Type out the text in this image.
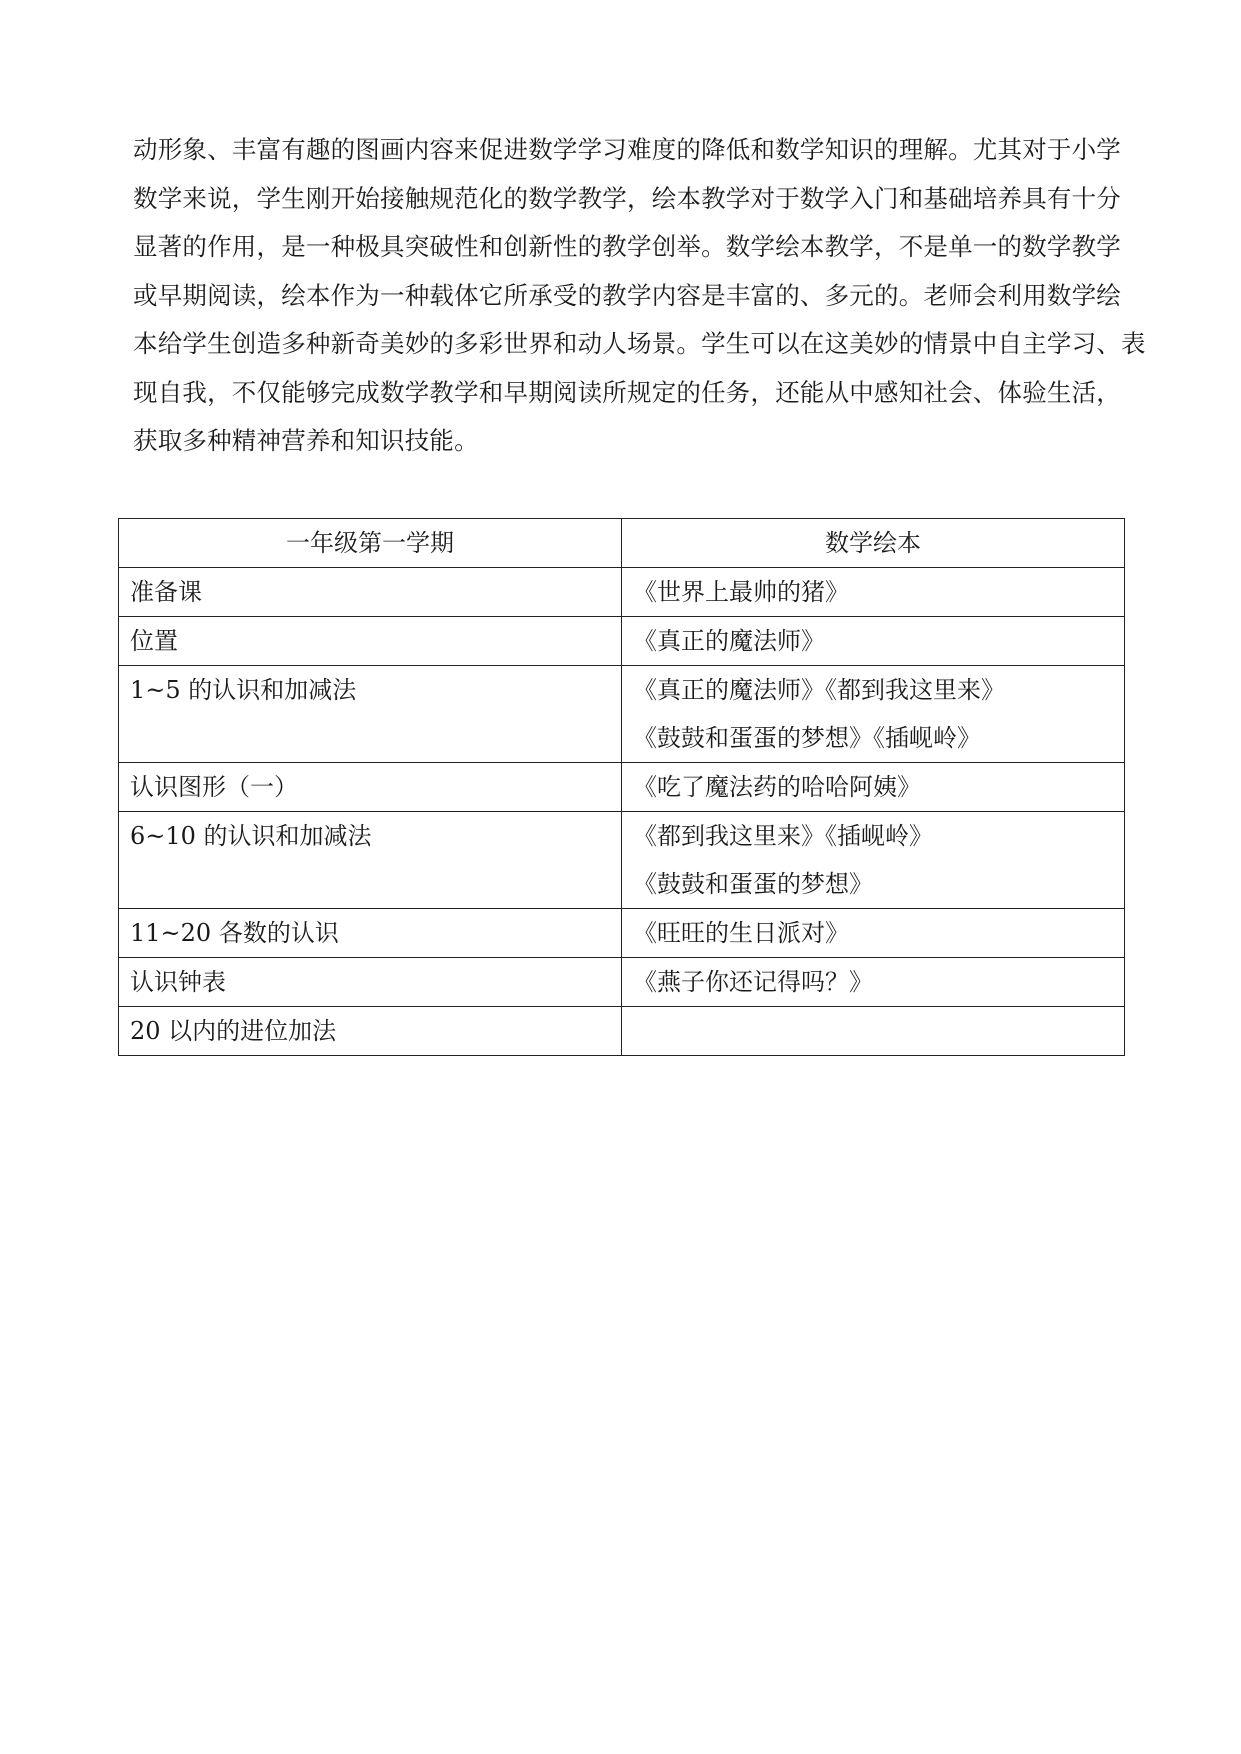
动形象、丰富有趣的图画内容来促进数学学习难度的降低和数学知识的理解。尤其对于小学
数学来说，学生刚开始接触规范化的数学教学，绘本教学对于数学入门和基础培养具有十分
显著的作用，是一种极具突破性和创新性的教学创举。数学绘本教学，不是单一的数学教学
或早期阅读，绘本作为一种载体它所承受的教学内容是丰富的、多元的。老师会利用数学绘
本给学生创造多种新奇美妙的多彩世界和动人场景。学生可以在这美妙的情景中自主学习、表
现自我，不仅能够完成数学教学和早期阅读所规定的任务，还能从中感知社会、体验生活，
获取多种精神营养和知识技能。

一年级第一学期	数学绘本
准备课	《世界上最帅的猪》

位置	《真正的魔法师》

1~5 的认识和加减法	《真正的魔法师》《都到我这里来》
《鼓鼓和蛋蛋的梦想》《插岘岭》

认识图形（一）	《吃了魔法药的哈哈阿姨》

6~10 的认识和加减法	《都到我这里来》《插岘岭》
《鼓鼓和蛋蛋的梦想》

11~20 各数的认识	《旺旺的生日派对》

认识钟表	《燕子你还记得吗？》

20 以内的进位加法	
